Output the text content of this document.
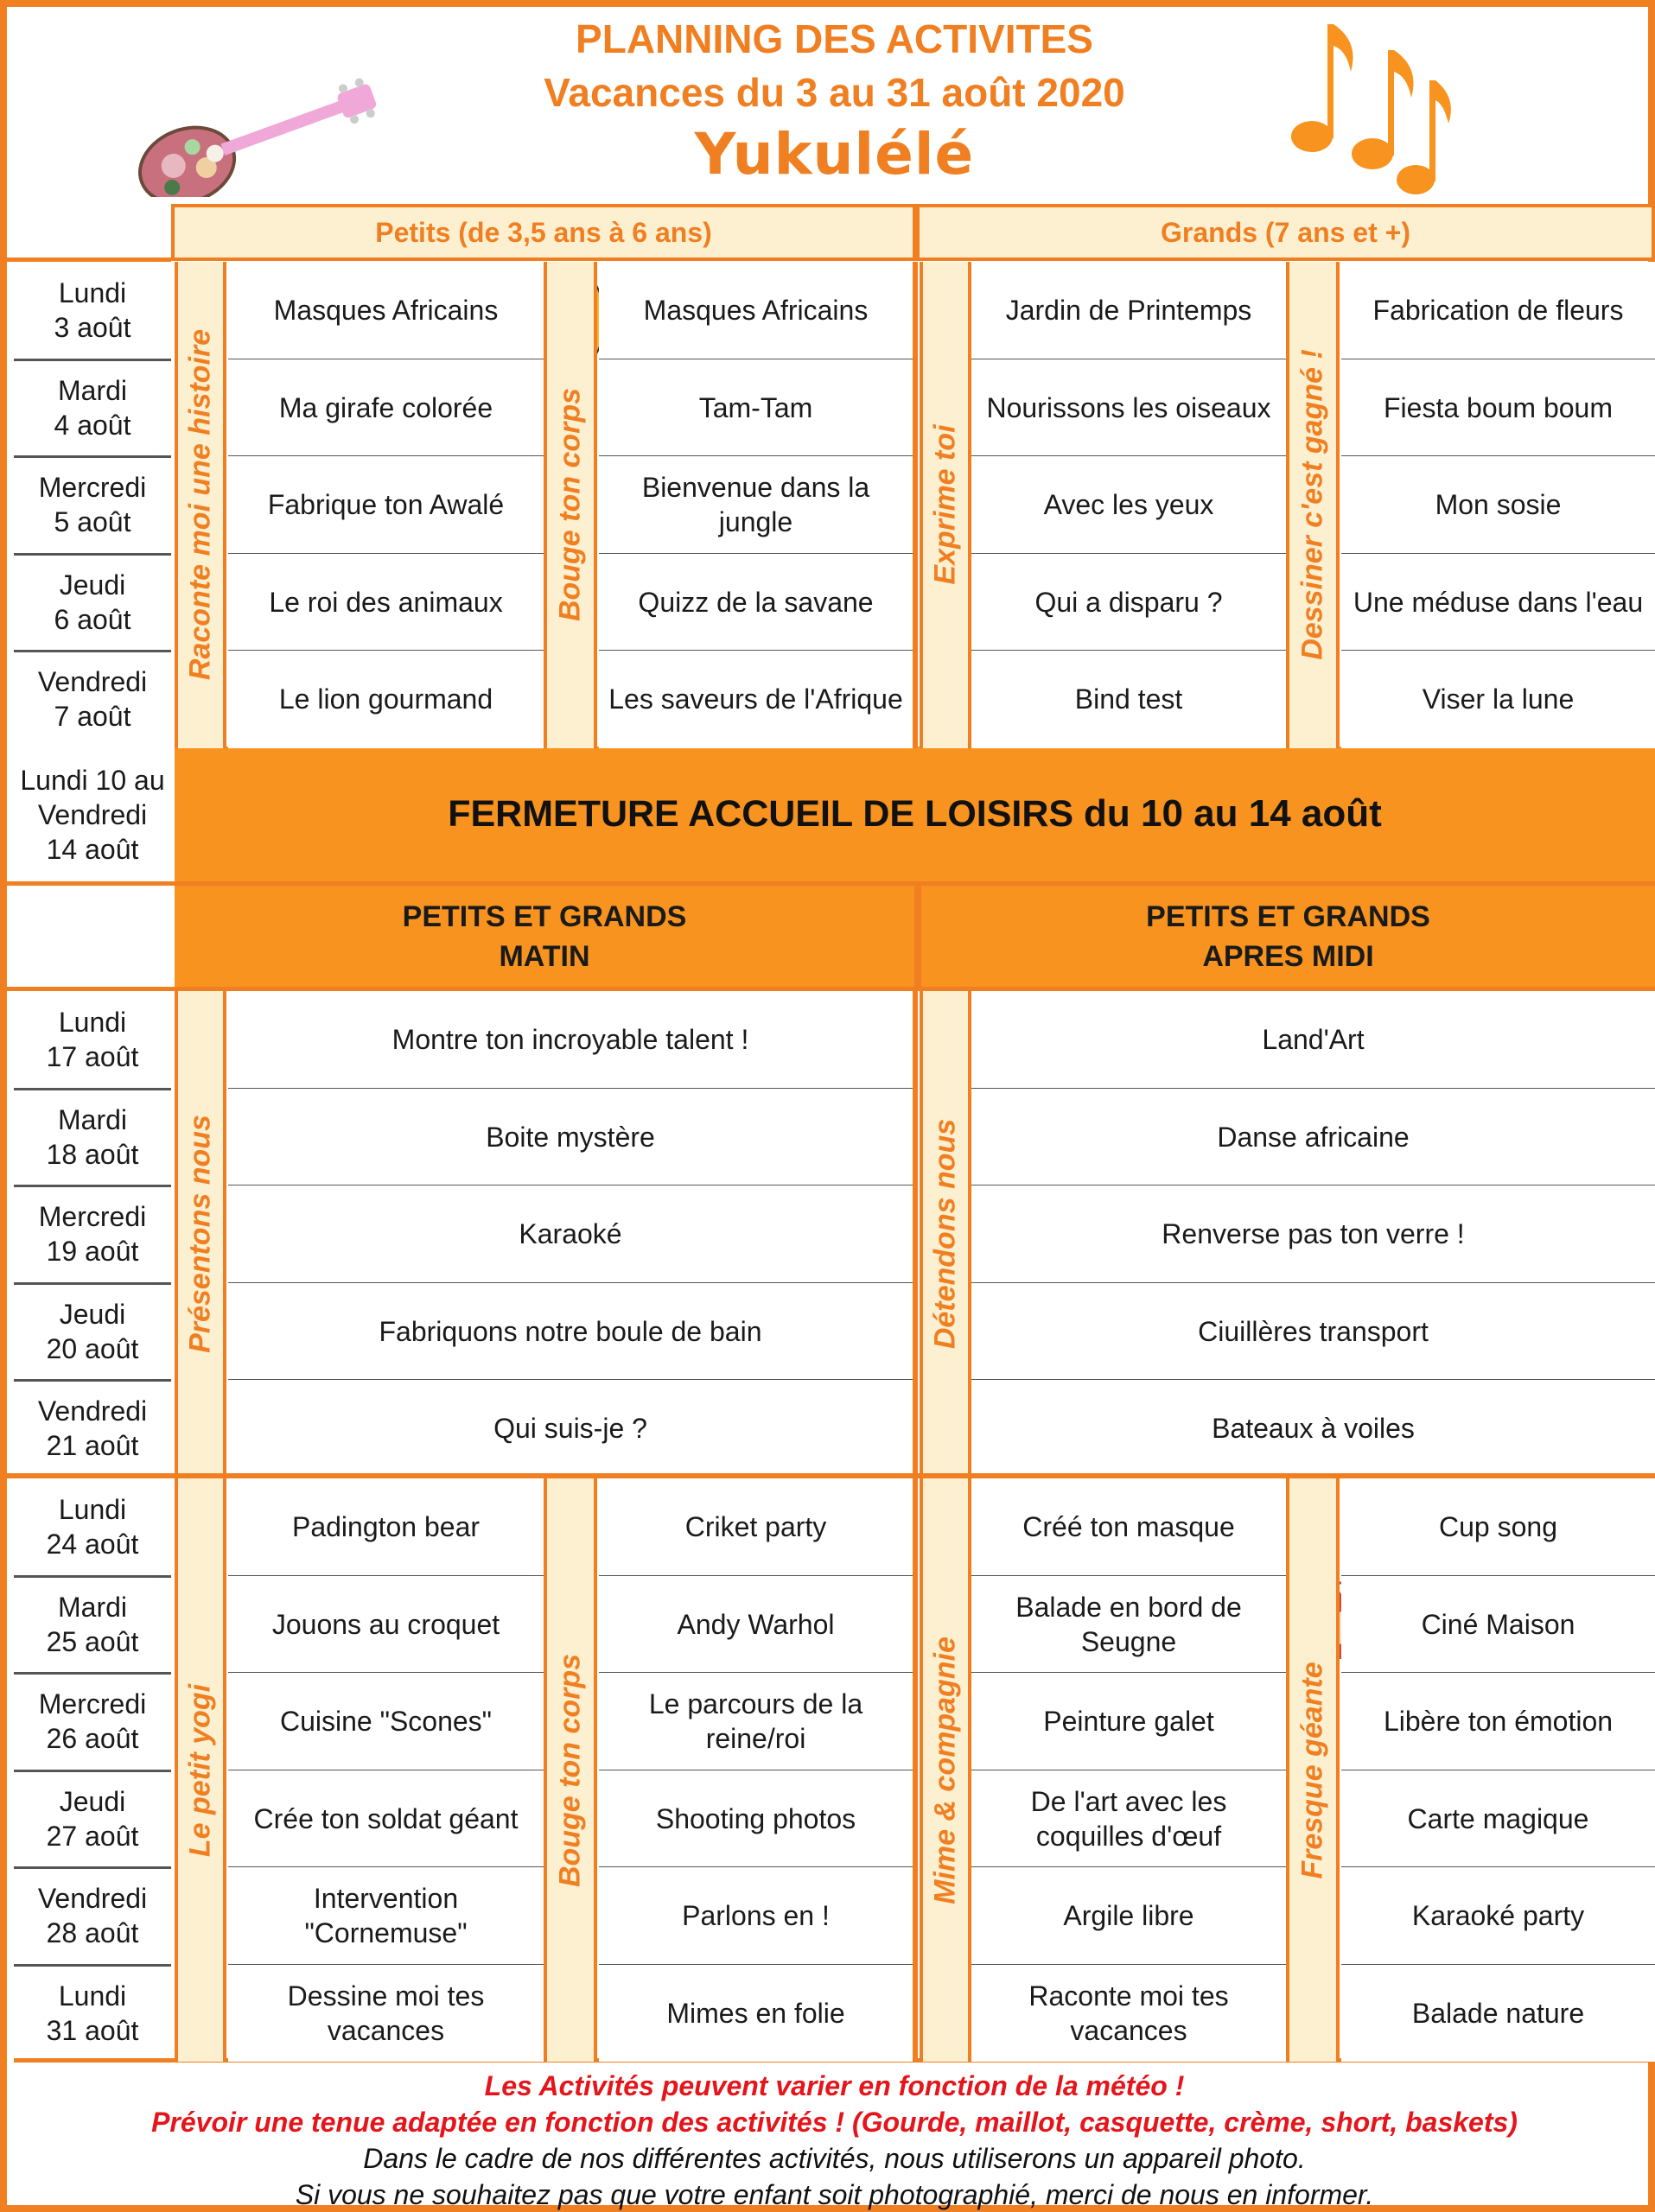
PLANNING DES ACTIVITES
Vacances du 3 au 31 août 2020
Yukulélé
Petits (de 3,5 ans à 6 ans)	Grands (7 ans et +)
Lundi 10 au Vendredi 14 août
FERMETURE ACCUEIL DE LOISIRS
du 10 au 14 août
PETITS ET GRANDS
MATIN
PETITS ET GRANDS
APRES MIDI
Les Activités peuvent varier en fonction de la météo !
Prévoir une tenue adaptée en fonction des activités ! (Gourde, maillot, casquette, crème, short, baskets)
Dans le cadre de nos différentes activités, nous utiliserons un appareil photo.
Si vous ne souhaitez pas que votre enfant soit photographié, merci de nous en informer.
Lundi
3 août
Mardi
4 août
Mercredi
5 août
Jeudi
6 août
Vendredi
7 août
Raconte moi une histoire
Masques Africains
Ma girafe colorée
Fabrique ton Awalé
Le roi des animaux
Le lion gourmand
Bouge ton corps
Masques Africains
Tam-Tam
Bienvenue dans la jungle
Quizz de la savane
Les saveurs de l'Afrique
Exprime toi
Jardin de Printemps
Nourissons les oiseaux
Avec les yeux
Qui a disparu ?
Bind test
Dessiner c'est gagné !
Fabrication de fleurs
Fiesta boum boum
Mon sosie
Une méduse dans l'eau
Viser la lune
Lundi
17 août
Mardi
18 août
Mercredi
19 août
Jeudi
20 août
Vendredi
21 août
Présentons nous
Montre ton incroyable talent !
Boite mystère
Karaoké
Fabriquons notre boule de bain
Qui suis-je ?
Détendons nous
Land'Art
Danse africaine
Renverse pas ton verre !
Ciuillères transport
Bateaux à voiles
Lundi
24 août
Mardi
25 août
Mercredi
26 août
Jeudi
27 août
Vendredi
28 août
Lundi
31 août
Le petit yogi
Padington bear
Jouons au croquet
Cuisine "Scones"
Crée ton soldat géant
Intervention "Cornemuse"
Dessine moi tes vacances
Bouge ton corps
Criket party
Andy Warhol
Le parcours de la reine/roi
Shooting photos
Parlons en !
Mimes en folie
Mime & compagnie
Créé ton masque
Balade en bord de Seugne
Peinture galet
De l'art avec les coquilles d'œuf
Argile libre
Raconte moi tes vacances
Fresque géante
Cup song
Ciné Maison
Libère ton émotion
Carte magique
Karaoké party
Balade nature
